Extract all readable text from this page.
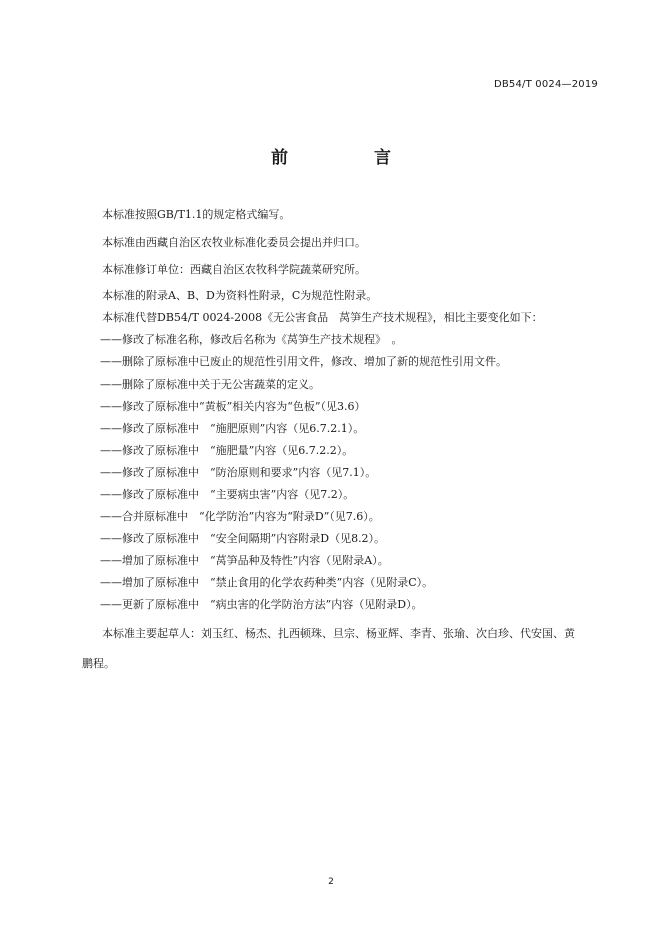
DB54/T 0024—2019
前 言
本标准按照GB/T1.1的规定格式编写。
本标准由西藏自治区农牧业标准化委员会提出并归口。
本标准修订单位：西藏自治区农牧科学院蔬菜研究所。
本标准的附录A、B、D为资料性附录，C为规范性附录。
本标准代替DB54/T 0024-2008《无公害食品　莴笋生产技术规程》，相比主要变化如下：
——修改了标准名称，修改后名称为《莴笋生产技术规程》　。
——删除了原标准中已废止的规范性引用文件，修改、增加了新的规范性引用文件。
——删除了原标准中关于无公害蔬菜的定义。
——修改了原标准中“黄板”相关内容为“色板”（见3.6）
——修改了原标准中　“施肥原则”内容（见6.7.2.1）。
——修改了原标准中　“施肥量”内容（见6.7.2.2）。
——修改了原标准中　“防治原则和要求”内容（见7.1）。
——修改了原标准中　“主要病虫害”内容（见7.2）。
——合并原标准中　“化学防治”内容为“附录D”（见7.6）。
——修改了原标准中　“安全间隔期”内容附录D（见8.2）。
——增加了原标准中　“莴笋品种及特性”内容（见附录A）。
——增加了原标准中　“禁止食用的化学农药种类”内容（见附录C）。
——更新了原标准中　“病虫害的化学防治方法”内容（见附录D）。
本标准主要起草人：刘玉红、杨杰、扎西顿珠、旦宗、杨亚辉、李青、张瑜、次白珍、代安国、黄
鹏程。
2
